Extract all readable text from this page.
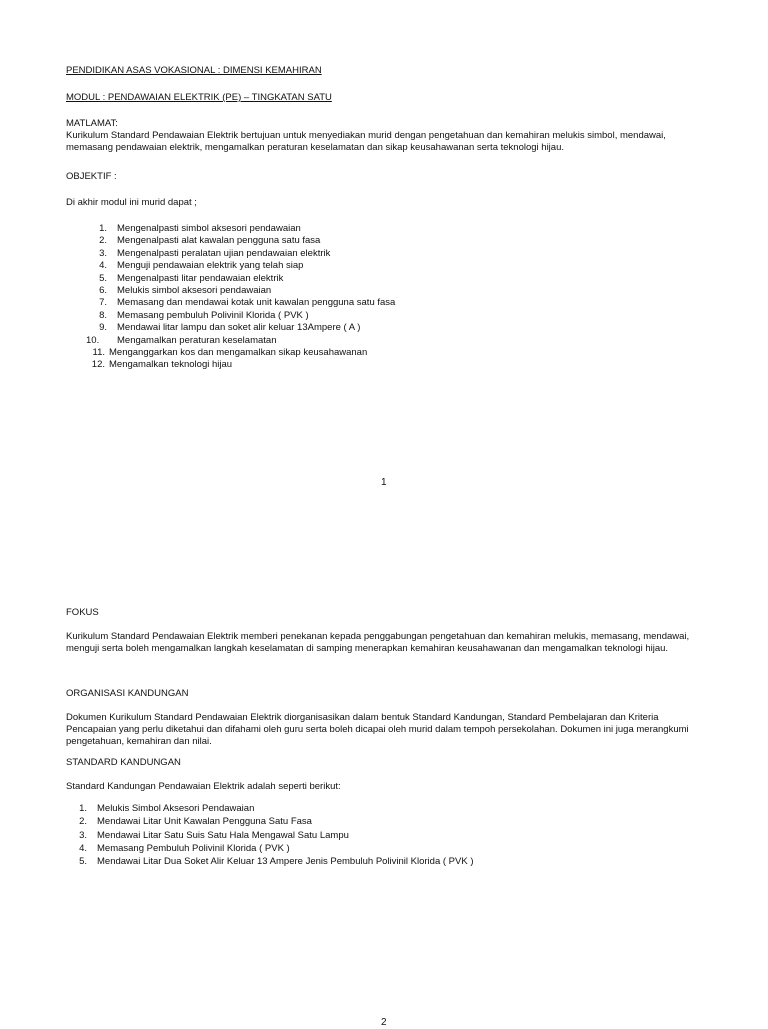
PENDIDIKAN ASAS VOKASIONAL : DIMENSI KEMAHIRAN
MODUL : PENDAWAIAN ELEKTRIK (PE) – TINGKATAN SATU
MATLAMAT:
Kurikulum Standard Pendawaian Elektrik bertujuan untuk menyediakan murid dengan pengetahuan dan kemahiran melukis simbol, mendawai, memasang pendawaian elektrik, mengamalkan peraturan keselamatan dan sikap keusahawanan serta teknologi hijau.
OBJEKTIF :
Di akhir modul ini murid dapat ;
1.	Mengenalpasti simbol aksesori pendawaian
2.	Mengenalpasti alat kawalan pengguna satu fasa
3.	Mengenalpasti peralatan ujian pendawaian elektrik
4.	Menguji pendawaian elektrik yang telah siap
5.	Mengenalpasti litar pendawaian elektrik
6.	Melukis simbol aksesori pendawaian
7.	Memasang dan mendawai kotak unit kawalan pengguna satu fasa
8.	Memasang pembuluh Polivinil Klorida ( PVK )
9.	Mendawai litar lampu dan soket alir keluar 13Ampere ( A )
10.	Mengamalkan peraturan keselamatan
11. Menganggarkan kos dan mengamalkan sikap keusahawanan
12. Mengamalkan teknologi hijau
1
FOKUS
Kurikulum Standard Pendawaian Elektrik memberi penekanan kepada penggabungan pengetahuan dan kemahiran melukis, memasang, mendawai, menguji serta boleh mengamalkan langkah keselamatan di samping menerapkan kemahiran keusahawanan dan mengamalkan teknologi hijau.
ORGANISASI KANDUNGAN
Dokumen Kurikulum Standard Pendawaian Elektrik diorganisasikan dalam bentuk Standard Kandungan, Standard Pembelajaran dan Kriteria Pencapaian yang perlu diketahui dan difahami oleh guru serta boleh dicapai oleh murid dalam tempoh persekolahan. Dokumen ini juga merangkumi pengetahuan, kemahiran dan nilai.
STANDARD KANDUNGAN
Standard Kandungan Pendawaian Elektrik adalah seperti berikut:
1.	Melukis Simbol Aksesori Pendawaian
2.	Mendawai Litar Unit Kawalan Pengguna Satu Fasa
3.	Mendawai Litar Satu Suis Satu Hala Mengawal Satu Lampu
4.	Memasang Pembuluh Polivinil Klorida ( PVK )
5.	Mendawai Litar Dua Soket Alir Keluar 13 Ampere Jenis Pembuluh Polivinil Klorida ( PVK )
2
